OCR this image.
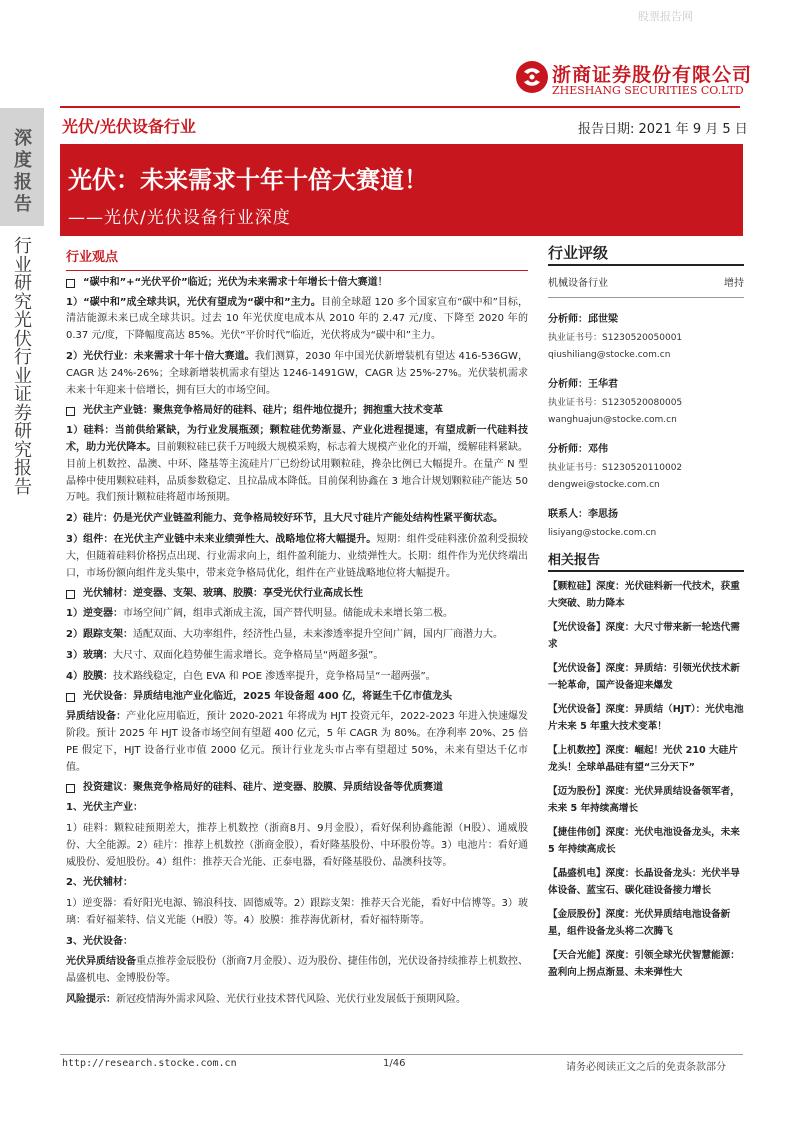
股票报告网
浙商证券股份有限公司
ZHESHANG SECURITIES CO.LTD
深度报告
行业研究 光伏行业 证券研究报告
光伏/光伏设备行业	报告日期: 2021 年 9 月 5 日
光伏：未来需求十年十倍大赛道！
——光伏/光伏设备行业深度
行业观点
“碳中和”+“光伏平价”临近；光伏为未来需求十年增长十倍大赛道！

1）“碳中和”成全球共识，光伏有望成为“碳中和”主力。目前全球超 120 多个国家宣布“碳中和”目标，清洁能源未来已成全球共识。过去 10 年光伏度电成本从 2010 年的 2.47 元/度、下降至 2020 年的 0.37 元/度，下降幅度高达 85%。光伏“平价时代”临近，光伏将成为“碳中和”主力。

2）光伏行业：未来需求十年十倍大赛道。我们测算，2030 年中国光伏新增装机有望达 416-536GW，CAGR 达 24%-26%；全球新增装机需求有望达 1246-1491GW，CAGR 达 25%-27%。光伏装机需求未来十年迎来十倍增长，拥有巨大的市场空间。

光伏主产业链：聚焦竞争格局好的硅料、硅片；组件地位提升；拥抱重大技术变革

1）硅料：当前供给紧缺，为行业发展瓶颈；颗粒硅优势渐显、产业化进程提速，有望成新一代硅料技术，助力光伏降本。目前颗粒硅已获千万吨级大规模采购，标志着大规模产业化的开端，缓解硅料紧缺。目前上机数控、晶澳、中环、隆基等主流硅片厂已纷纷试用颗粒硅，搀杂比例已大幅提升。在量产 N 型晶棒中使用颗粒硅料，品质参数稳定、且拉晶成本降低。目前保利协鑫在 3 地合计规划颗粒硅产能达 50 万吨。我们预计颗粒硅将超市场预期。

2）硅片：仍是光伏产业链盈利能力、竞争格局较好环节，且大尺寸硅片产能处结构性紧平衡状态。

3）组件：在光伏主产业链中未来业绩弹性大、战略地位将大幅提升。短期：组件受硅料涨价盈利受损较大，但随着硅料价格拐点出现、行业需求向上，组件盈利能力、业绩弹性大。长期：组件作为光伏终端出口，市场份额向组件龙头集中，带来竞争格局优化，组件在产业链战略地位将大幅提升。

光伏辅材：逆变器、支架、玻璃、胶膜：享受光伏行业高成长性

1）逆变器：市场空间广阔，组串式渐成主流，国产替代明显。储能成未来增长第二极。

2）跟踪支架：适配双面、大功率组件，经济性凸显，未来渗透率提升空间广阔，国内厂商潜力大。

3）玻璃：大尺寸、双面化趋势催生需求增长。竞争格局呈“两超多强”。

4）胶膜：技术路线稳定，白色 EVA 和 POE 渗透率提升，竞争格局呈“一超两强”。

光伏设备：异质结电池产业化临近，2025 年设备超 400 亿，将诞生千亿市值龙头

异质结设备：产业化应用临近，预计 2020-2021 年将成为 HJT 投资元年，2022-2023 年进入快速爆发阶段。预计 2025 年 HJT 设备市场空间有望超 400 亿元，5 年 CAGR 为 80%。在净利率 20%、25 倍 PE 假定下，HJT 设备行业市值 2000 亿元。预计行业龙头市占率有望超过 50%，未来有望达千亿市值。

投资建议：聚焦竞争格局好的硅料、硅片、逆变器、胶膜、异质结设备等优质赛道

1、光伏主产业：

1）硅料：颗粒硅预期差大，推荐上机数控（浙商8月、9月金股），看好保利协鑫能源（H股）、通威股份、大全能源。2）硅片：推荐上机数控（浙商金股），看好隆基股份、中环股份等。3）电池片：看好通威股份、爱旭股份。4）组件：推荐天合光能、正泰电器，看好隆基股份、晶澳科技等。

2、光伏辅材：

1）逆变器：看好阳光电源、锦浪科技、固德威等。2）跟踪支架：推荐天合光能，看好中信博等。3）玻璃：看好福莱特、信义光能（H股）等。4）胶膜：推荐海优新材，看好福特斯等。

3、光伏设备：

光伏异质结设备重点推荐金辰股份（浙商7月金股）、迈为股份、捷佳伟创，光伏设备持续推荐上机数控、晶盛机电、金博股份等。

风险提示：新冠疫情海外需求风险、光伏行业技术替代风险、光伏行业发展低于预期风险。

行业评级
机械设备行业	增持
分析师：邱世梁
执业证书号：S1230520050001
qiushiliang@stocke.com.cn
分析师：王华君
执业证书号：S1230520080005
wanghuajun@stocke.com.cn
分析师：邓伟
执业证书号：S1230520110002
dengwei@stocke.com.cn
联系人：李思扬
lisiyang@stocke.com.cn
相关报告
【颗粒硅】深度：光伏硅料新一代技术，获重大突破、助力降本
【光伏设备】深度：大尺寸带来新一轮迭代需求
【光伏设备】深度：异质结：引领光伏技术新一轮革命，国产设备迎来爆发
【光伏设备】深度：异质结（HJT）：光伏电池片未来 5 年重大技术变革！
【上机数控】深度：崛起！光伏 210 大硅片龙头！全球单晶硅有望“三分天下”
【迈为股份】深度：光伏异质结设备领军者，未来 5 年持续高增长
【捷佳伟创】深度：光伏电池设备龙头，未来 5 年持续高成长
【晶盛机电】深度：长晶设备龙头：光伏半导体设备、蓝宝石、碳化硅设备接力增长
【金辰股份】深度：光伏异质结电池设备新星，组件设备龙头将二次腾飞
【天合光能】深度：引领全球光伏智慧能源：盈利向上拐点渐显、未来弹性大
http://research.stocke.com.cn	1/46	请务必阅读正文之后的免责条款部分
